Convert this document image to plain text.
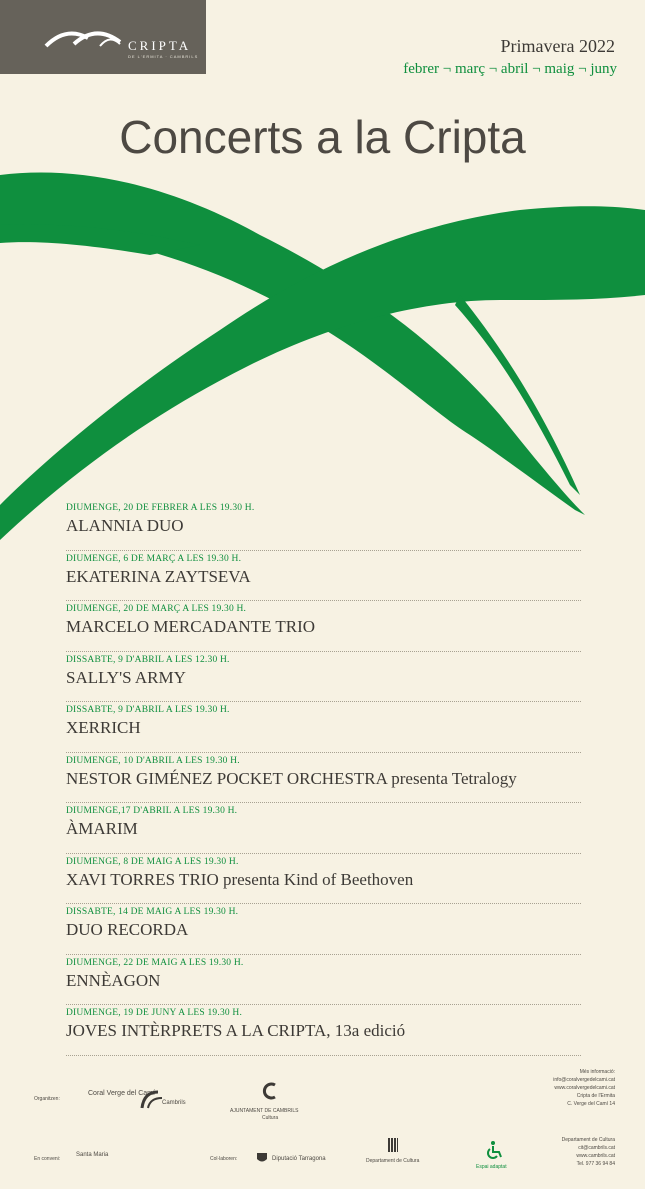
CRIPTA
DE L'ERMITA · CAMBRILS
Primavera 2022
febrer ¬ març ¬ abril ¬ maig ¬ juny
Concerts a la Cripta
DIUMENGE, 20 DE FEBRER A LES 19.30 H.
ALANNIA DUO
DIUMENGE, 6 DE MARÇ A LES 19.30 H.
EKATERINA ZAYTSEVA
DIUMENGE, 20 DE MARÇ A LES 19.30 H.
MARCELO MERCADANTE TRIO
DISSABTE, 9 D'ABRIL A LES 12.30 H.
SALLY'S ARMY
DISSABTE, 9 D'ABRIL A LES 19.30 H.
XERRICH
DIUMENGE, 10 D'ABRIL A LES 19.30 H.
NESTOR GIMÉNEZ POCKET ORCHESTRA presenta Tetralogy
DIUMENGE,17 D'ABRIL A LES 19.30 H.
ÀMARIM
DIUMENGE, 8 DE MAIG A LES 19.30 H.
XAVI TORRES TRIO presenta Kind of Beethoven
DISSABTE, 14 DE MAIG A LES 19.30 H.
DUO RECORDA
DIUMENGE, 22 DE MAIG A LES 19.30 H.
ENNÈAGON
DIUMENGE, 19 DE JUNY A LES 19.30 H.
JOVES INTÈRPRETS A LA CRIPTA, 13a edició
Organitzen:
Coral Verge del Camí
Cambrils
AJUNTAMENT DE CAMBRILS
Cultura
Més informació:
info@coralvergedelcami.cat
www.coralvergedelcami.cat
Cripta de l'Ermita
C. Verge del Camí 14
En conveni:
Santa Maria
Col·laboren:	Diputació Tarragona	Departament de Cultura
Espai adaptat
Departament de Cultura
cit@cambrils.cat
www.cambrils.cat
Tel. 977 36 94 84
